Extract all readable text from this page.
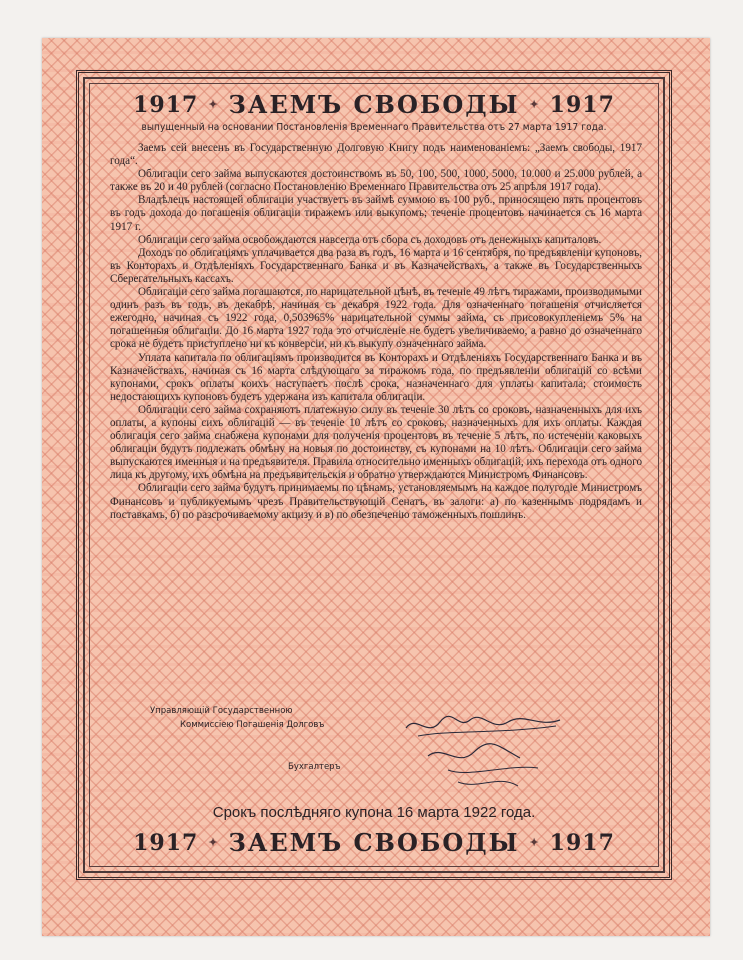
1917 ✦ ЗАЕМЪ СВОБОДЫ ✦ 1917
выпущенный на основании Постановленія Временнаго Правительства отъ 27 марта 1917 года.

Заемъ сей внесенъ въ Государственную Долговую Книгу подъ наименованіемъ: „Заемъ свободы, 1917 года“.

Облигаціи сего займа выпускаются достоинствомъ въ 50, 100, 500, 1000, 5000, 10.000 и 25.000 рублей, а также въ 20 и 40 рублей (согласно Постановленію Временнаго Правительства отъ 25 апрѣля 1917 года).

Владѣлецъ настоящей облигаціи участвуетъ въ займѣ суммою въ 100 руб., приносящею пять процентовъ въ годъ дохода до погашенія облигаціи тиражемъ или выкупомъ; теченіе процентовъ начинается съ 16 марта 1917 г.

Облигаціи сего займа освобождаются навсегда отъ сбора съ доходовъ отъ денежныхъ капиталовъ.

Доходъ по облигаціямъ уплачивается два раза въ годъ, 16 марта и 16 сентября, по предъявленіи купоновъ, въ Конторахъ и Отдѣленіяхъ Государственнаго Банка и въ Казначействахъ, а также въ Государственныхъ Сберегательныхъ кассахъ.

Облигаціи сего займа погашаются, по нарицательной цѣнѣ, въ теченіе 49 лѣтъ тиражами, производимыми одинъ разъ въ годъ, въ декабрѣ, начиная съ декабря 1922 года. Для означеннаго погашенія отчисляется ежегодно, начиная съ 1922 года, 0,503965% нарицательной суммы займа, съ присовокупленіемъ 5% на погашенныя облигаціи. До 16 марта 1927 года это отчисленіе не будетъ увеличиваемо, а равно до означеннаго срока не будетъ приступлено ни къ конверсіи, ни къ выкупу означеннаго займа.

Уплата капитала по облигаціямъ производится въ Конторахъ и Отдѣленіяхъ Государственнаго Банка и въ Казначействахъ, начиная съ 16 марта слѣдующаго за тиражомъ года, по предъявленіи облигацій со всѣми купонами, срокъ оплаты коихъ наступаетъ послѣ срока, назначеннаго для уплаты капитала; стоимость недостающихъ купоновъ будетъ удержана изъ капитала облигаціи.

Облигаціи сего займа сохраняютъ платежную силу въ теченіе 30 лѣтъ со сроковъ, назначенныхъ для ихъ оплаты, а купоны сихъ облигацій — въ теченіе 10 лѣтъ со сроковъ, назначенныхъ для ихъ оплаты. Каждая облигація сего займа снабжена купонами для полученія процентовъ въ теченіе 5 лѣтъ, по истеченіи каковыхъ облигаціи будутъ подлежать обмѣну на новыя по достоинству, съ купонами на 10 лѣтъ. Облигаціи сего займа выпускаются именныя и на предъявителя. Правила относительно именныхъ облигацій, ихъ перехода отъ одного лица къ другому, ихъ обмѣна на предъявительскія и обратно утверждаются Министромъ Финансовъ.

Облигаціи сего займа будутъ принимаемы по цѣнамъ, установляемымъ на каждое полугодіе Министромъ Финансовъ и публикуемымъ чрезъ Правительствующій Сенатъ, въ залоги: а) по казеннымъ подрядамъ и поставкамъ, б) по разсрочиваемому акцизу и в) по обезпеченію таможенныхъ пошлинъ.

Управляющій Государственною
Коммиссіею Погашенія Долговъ
Бухгалтеръ
Срокъ послѣдняго купона 16 марта 1922 года.
1917 ✦ ЗАЕМЪ СВОБОДЫ ✦ 1917
